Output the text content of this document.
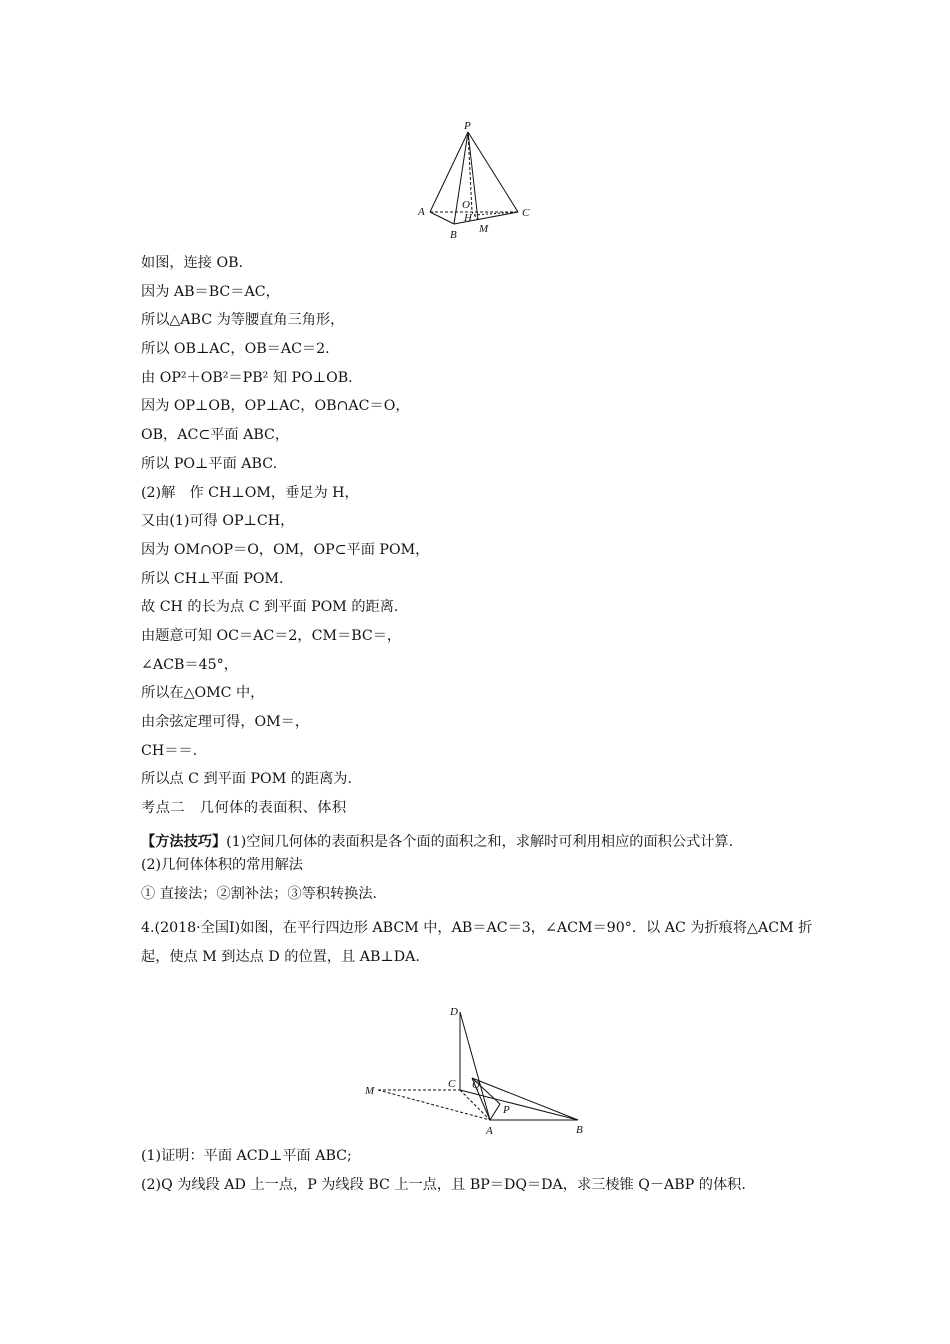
P
A
B
C
O
H
M
如图，连接 OB.
因为 AB＝BC＝AC，
所以△ABC 为等腰直角三角形，
所以 OB⊥AC，OB＝AC＝2.
由 OP²＋OB²＝PB² 知 PO⊥OB.
因为 OP⊥OB，OP⊥AC，OB∩AC＝O，
OB，AC⊂平面 ABC，
所以 PO⊥平面 ABC.
(2)解　作 CH⊥OM，垂足为 H，
又由(1)可得 OP⊥CH，
因为 OM∩OP＝O，OM，OP⊂平面 POM，
所以 CH⊥平面 POM.
故 CH 的长为点 C 到平面 POM 的距离.
由题意可知 OC＝AC＝2，CM＝BC＝，
∠ACB＝45°，
所以在△OMC 中，
由余弦定理可得，OM＝，
CH＝＝.
所以点 C 到平面 POM 的距离为.
考点二　几何体的表面积、体积
【方法技巧】(1)空间几何体的表面积是各个面的面积之和，求解时可利用相应的面积公式计算.
(2)几何体体积的常用解法
① 直接法；②割补法；③等积转换法.
4.(2018·全国Ⅰ)如图，在平行四边形 ABCM 中，AB＝AC＝3，∠ACM＝90°．以 AC 为折痕将△ACM 折起，使点 M 到达点 D 的位置，且 AB⊥DA.
D
M
C Q
P
A	B
(1)证明：平面 ACD⊥平面 ABC;
(2)Q 为线段 AD 上一点，P 为线段 BC 上一点，且 BP＝DQ＝DA，求三棱锥 Q－ABP 的体积.
